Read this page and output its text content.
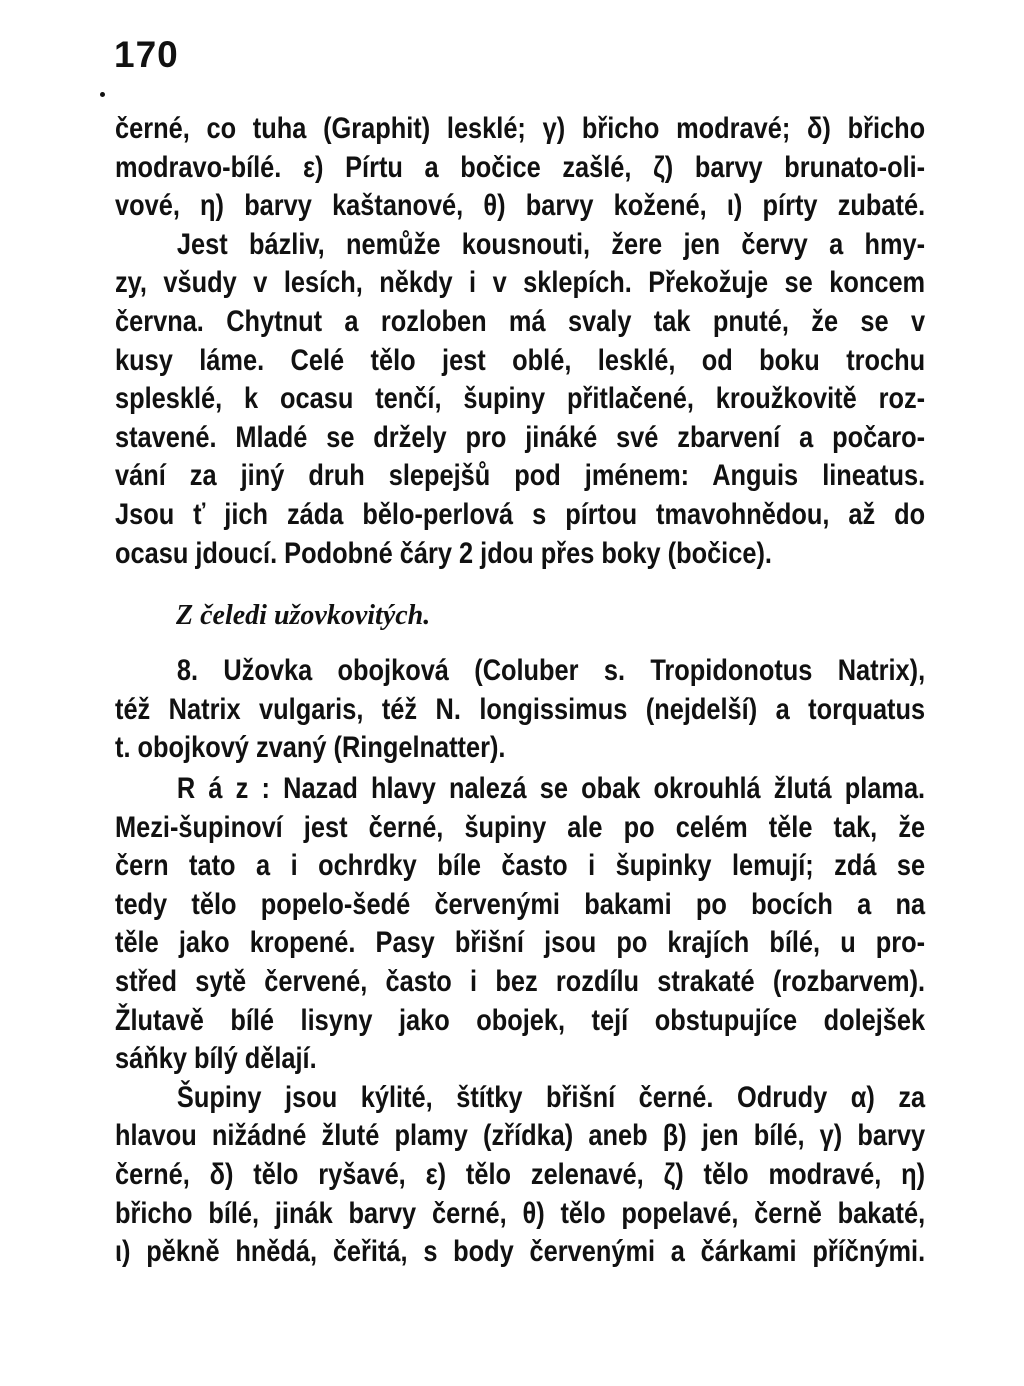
170
černé, co tuha (Graphit) lesklé; γ) břicho modravé; δ) břicho
modravo-bílé. ε) Pírtu a bočice zašlé, ζ) barvy brunato-oli-
vové, η) barvy kaštanové, θ) barvy kožené, ι) pírty zubaté.
Jest bázliv, nemůže kousnouti, žere jen červy a hmy-
zy, všudy v lesích, někdy i v sklepích. Překožuje se koncem
června. Chytnut a rozloben má svaly tak pnuté, že se v
kusy láme. Celé tělo jest oblé, lesklé, od boku trochu
splesklé, k ocasu tenčí, šupiny přitlačené, kroužkovitě roz-
stavené. Mladé se držely pro jináké své zbarvení a počaro-
vání za jiný druh slepejšů pod jménem: Anguis lineatus.
Jsou ť jich záda bělo-perlová s pírtou tmavohnědou, až do
ocasu jdoucí. Podobné čáry 2 jdou přes boky (bočice).
Z čeledi užovkovitých.
8. Užovka obojková (Coluber s. Tropidonotus Natrix),
též Natrix vulgaris, též N. longissimus (nejdelší) a torquatus
t. obojkový zvaný (Ringelnatter).
R á z : Nazad hlavy nalezá se obak okrouhlá žlutá plama.
Mezi-šupinoví jest černé, šupiny ale po celém těle tak, že
čern tato a i ochrdky bíle často i šupinky lemují; zdá se
tedy tělo popelo-šedé červenými bakami po bocích a na
těle jako kropené. Pasy břišní jsou po krajích bílé, u pro-
střed sytě červené, často i bez rozdílu strakaté (rozbarvem).
Žlutavě bílé lisyny jako obojek, tejí obstupujíce dolejšek
sáňky bílý dělají.
Šupiny jsou kýlité, štítky břišní černé. Odrudy α) za
hlavou nižádné žluté plamy (zřídka) aneb β) jen bílé, γ) barvy
černé, δ) tělo ryšavé, ε) tělo zelenavé, ζ) tělo modravé, η)
břicho bílé, jinák barvy černé, θ) tělo popelavé, černě bakaté,
ι) pěkně hnědá, čeřitá, s body červenými a čárkami příčnými.
